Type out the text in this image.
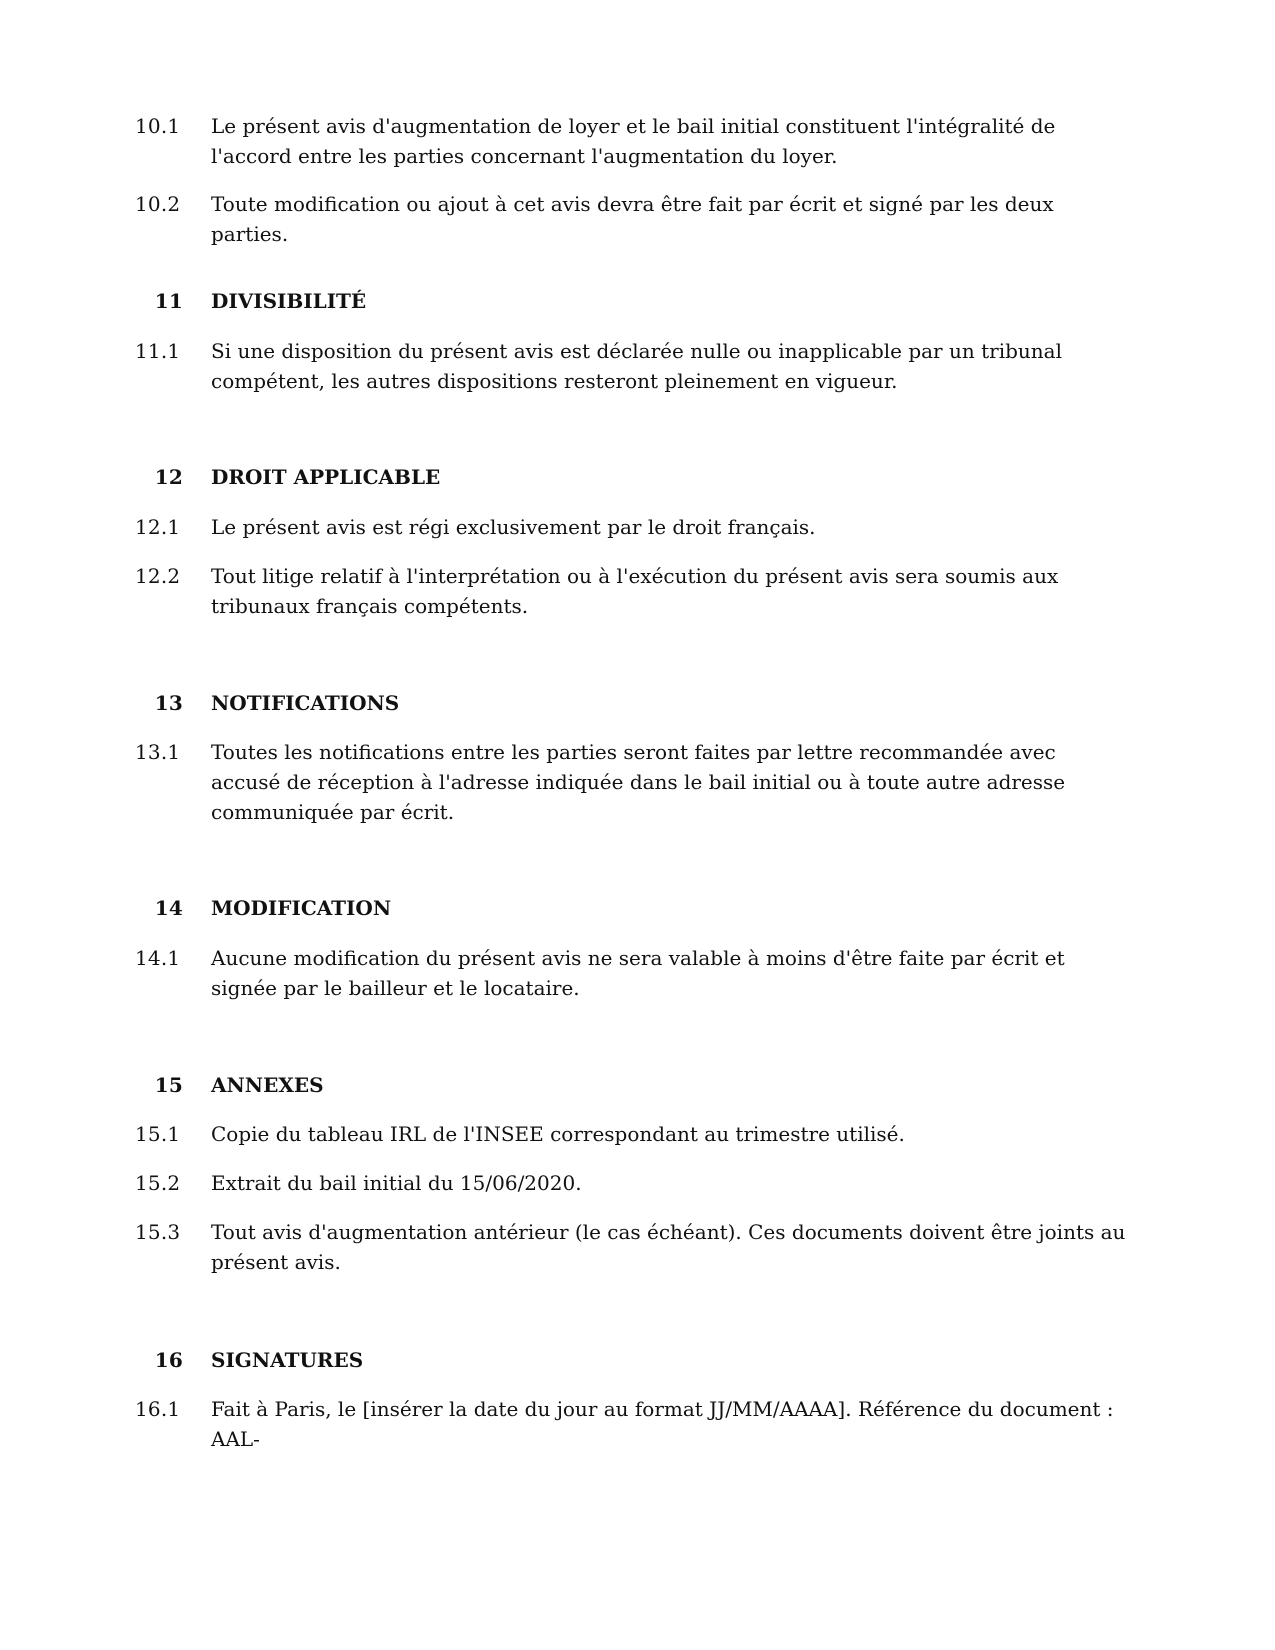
10.1	Le présent avis d'augmentation de loyer et le bail initial constituent l'intégralité de l'accord entre les parties concernant l'augmentation du loyer.
10.2	Toute modification ou ajout à cet avis devra être fait par écrit et signé par les deux parties.
11	DIVISIBILITÉ
11.1	Si une disposition du présent avis est déclarée nulle ou inapplicable par un tribunal compétent, les autres dispositions resteront pleinement en vigueur.
12	DROIT APPLICABLE
12.1	Le présent avis est régi exclusivement par le droit français.
12.2	Tout litige relatif à l'interprétation ou à l'exécution du présent avis sera soumis aux tribunaux français compétents.
13	NOTIFICATIONS
13.1	Toutes les notifications entre les parties seront faites par lettre recommandée avec accusé de réception à l'adresse indiquée dans le bail initial ou à toute autre adresse communiquée par écrit.
14	MODIFICATION
14.1	Aucune modification du présent avis ne sera valable à moins d'être faite par écrit et signée par le bailleur et le locataire.
15	ANNEXES
15.1	Copie du tableau IRL de l'INSEE correspondant au trimestre utilisé.
15.2	Extrait du bail initial du 15/06/2020.
15.3	Tout avis d'augmentation antérieur (le cas échéant). Ces documents doivent être joints au présent avis.
16	SIGNATURES
16.1	Fait à Paris, le [insérer la date du jour au format JJ/MM/AAAA]. Référence du document : AAL-
